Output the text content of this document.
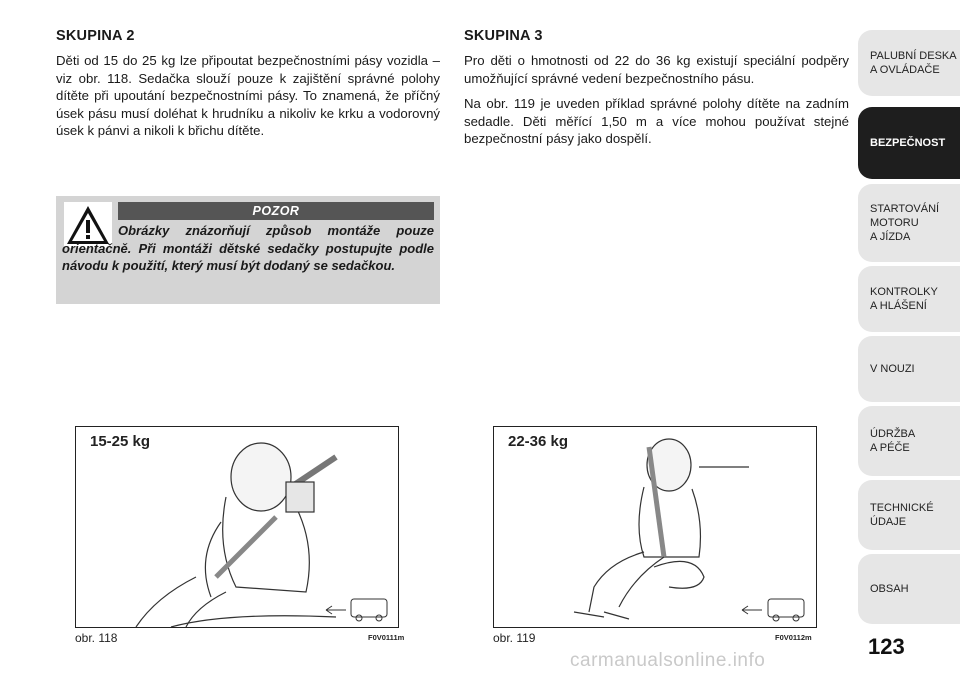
SKUPINA 2

Děti od 15 do 25 kg lze připoutat bezpečnostními pásy vozidla – viz obr. 118. Sedačka slouží pouze k zajištění správné polohy dítěte při upoutání bezpečnostními pásy. To znamená, že příčný úsek pásu musí doléhat k hrudníku a nikoliv ke krku a vodorovný úsek k pánvi a nikoli k břichu dítěte.

SKUPINA 3

Pro děti o hmotnosti od 22 do 36 kg existují speciální podpěry umožňující správné vedení bezpečnostního pásu.

Na obr. 119 je uveden příklad správné polohy dítěte na zadním sedadle. Děti měřící 1,50 m a více mohou používat stejné bezpečnostní pásy jako dospělí.

POZOR
Obrázky znázorňují způsob montáže pouze orientačně. Při montáži dětské sedačky postupujte podle návodu k použití, který musí být dodaný se sedačkou.
15-25 kg
obr. 118	F0V0111m
22-36 kg
obr. 119	F0V0112m
PALUBNÍ DESKA
A OVLÁDAČE
BEZPEČNOST
STARTOVÁNÍ
MOTORU
A JÍZDA
KONTROLKY
A HLÁŠENÍ
V NOUZI
ÚDRŽBA
A PÉČE
TECHNICKÉ
ÚDAJE
OBSAH
123
carmanualsonline.info
